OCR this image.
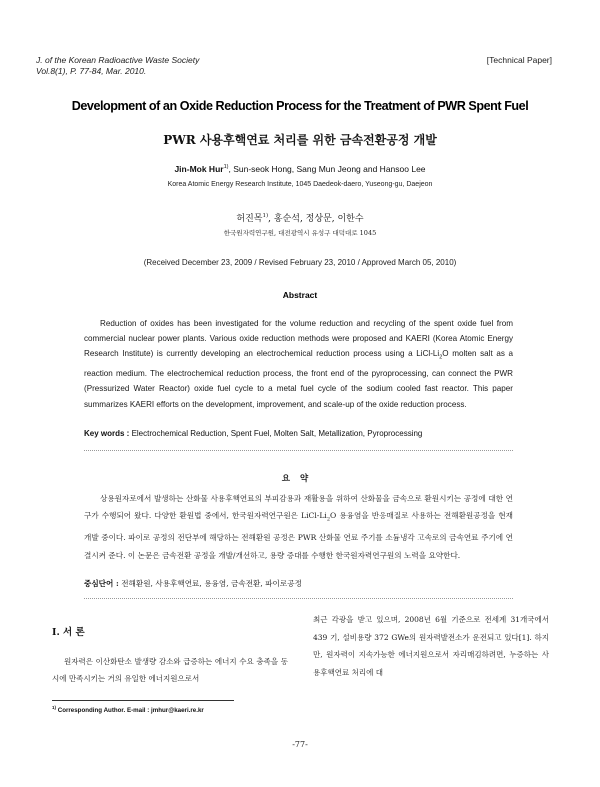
J. of the Korean Radioactive Waste Society
Vol.8(1), P. 77-84, Mar. 2010.
[Technical Paper]
Development of an Oxide Reduction Process for the Treatment of PWR Spent Fuel
PWR 사용후핵연료 처리를 위한 금속전환공정 개발
Jin-Mok Hur$^{1)}$, Sun-seok Hong, Sang Mun Jeong and Hansoo Lee
Korea Atomic Energy Research Institute, 1045 Daedeok-daero, Yuseong-gu, Daejeon
허진목$^{1)}$, 홍순석, 정상문, 이한수
한국원자력연구원, 대전광역시 유성구 대덕대로 1045
(Received December 23, 2009 / Revised February 23, 2010 / Approved March 05, 2010)
Abstract

Reduction of oxides has been investigated for the volume reduction and recycling of the spent oxide fuel from commercial nuclear power plants. Various oxide reduction methods were proposed and KAERI (Korea Atomic Energy Research Institute) is currently developing an electrochemical reduction process using a LiCl-$Li_2O$ molten salt as a reaction medium. The electrochemical reduction process, the front end of the pyroprocessing, can connect the PWR (Pressurized Water Reactor) oxide fuel cycle to a metal fuel cycle of the sodium cooled fast reactor. This paper summarizes KAERI efforts on the development, improvement, and scale-up of the oxide reduction process.

Key words : Electrochemical Reduction, Spent Fuel, Molten Salt, Metallization, Pyroprocessing
요약

상용원자로에서 발생하는 산화물 사용후핵연료의 부피감용과 재활용을 위하여 산화물을 금속으로 환원시키는 공정에 대한 연구가 수행되어 왔다. 다양한 환원법 중에서, 한국원자력연구원은 LiCl-$Li_2O$ 용융염을 반응매질로 사용하는 전해환원공정을 현재 개발 중이다. 파이로 공정의 전단부에 해당하는 전해환원 공정은 PWR 산화물 연료 주기를 소듐냉각 고속로의 금속연료 주기에 연결시켜 준다. 이 논문은 금속전환 공정을 개발/개선하고, 용량 증대를 수행한 한국원자력연구원의 노력을 요약한다.

중심단어 : 전해환원, 사용후핵연료, 용융염, 금속전환, 파이로공정
I. 서 론

원자력은 이산화탄소 발생량 감소와 급증하는 에너지 수요 충족을 동시에 만족시키는 거의 유일한 에너지원으로서

최근 각광을 받고 있으며, 2008년 6월 기준으로 전세계 31개국에서 439 기, 설비용량 372 GWe의 원자력발전소가 운전되고 있다[1]. 하지만, 원자력이 지속가능한 에너지원으로서 자리매김하려면, 누증하는 사용후핵연료 처리에 대

$^{1)}$ Corresponding Author. E-mail : jmhur@kaeri.re.kr
-77-
